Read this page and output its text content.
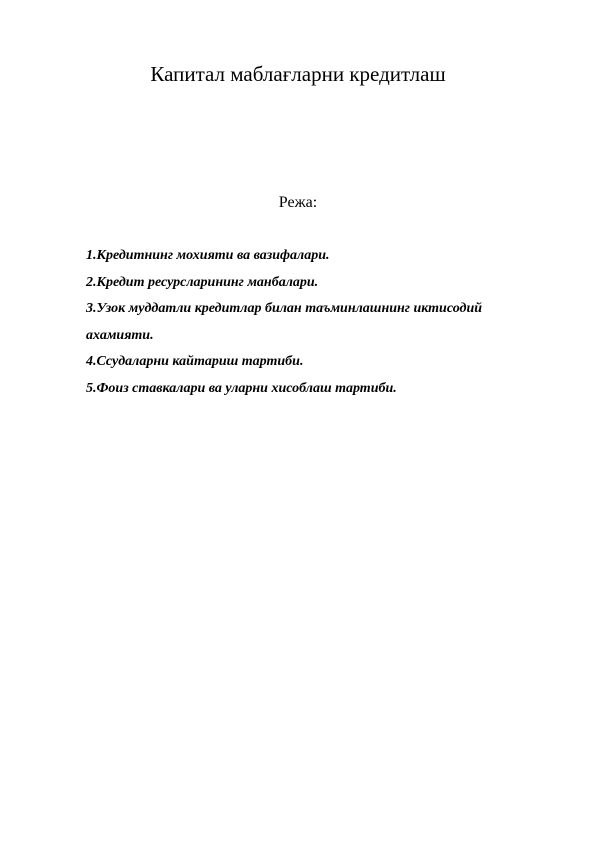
Капитал маблағларни кредитлаш
Режа:
1.Кредитнинг мохияти ва вазифалари.
2.Кредит ресурсларининг манбалари.
3.Узок муддатли кредитлар билан таъминлашнинг иктисодий
ахамияти.
4.Ссудаларни кайтариш тартиби.
5.Фоиз ставкалари ва уларни хисоблаш тартиби.
